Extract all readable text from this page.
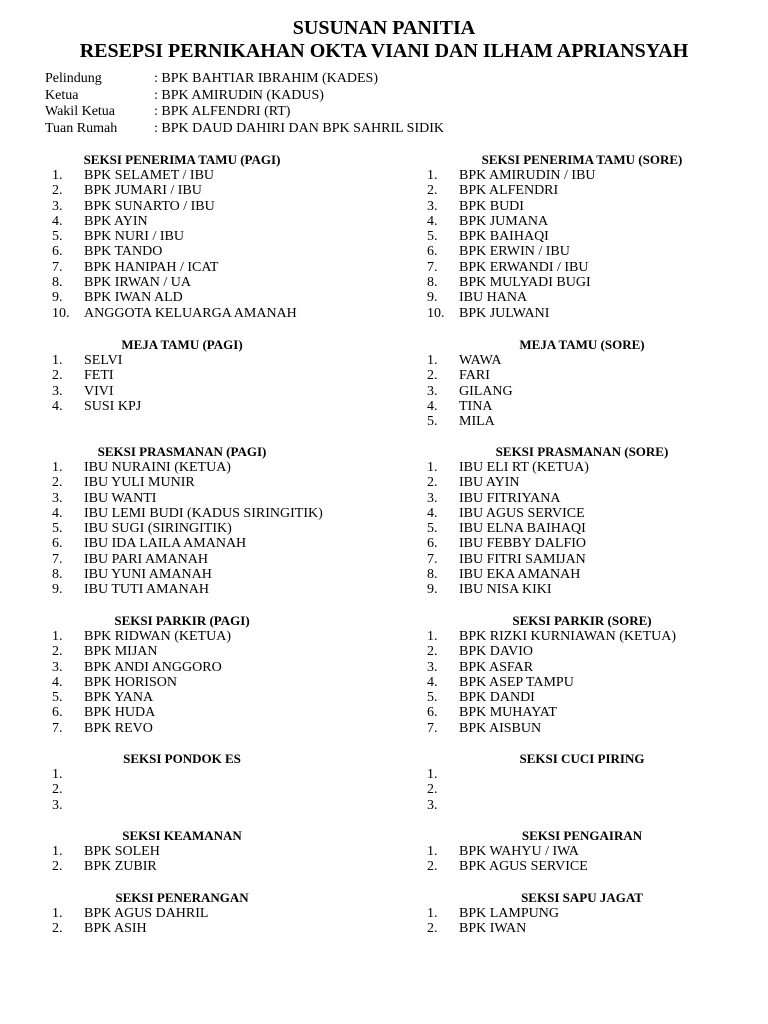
SUSUNAN PANITIA
RESEPSI PERNIKAHAN OKTA VIANI DAN ILHAM APRIANSYAH
Pelindung	: BPK BAHTIAR IBRAHIM (KADES)
Ketua	: BPK AMIRUDIN (KADUS)
Wakil Ketua	: BPK ALFENDRI (RT)
Tuan Rumah	: BPK DAUD DAHIRI DAN BPK SAHRIL SIDIK
SEKSI PENERIMA TAMU (PAGI)
1. BPK SELAMET / IBU
2. BPK JUMARI / IBU
3. BPK SUNARTO / IBU
4. BPK AYIN
5. BPK NURI / IBU
6. BPK TANDO
7. BPK HANIPAH / ICAT
8. BPK IRWAN / UA
9. BPK IWAN ALD
10. ANGGOTA KELUARGA AMANAH
SEKSI PENERIMA TAMU (SORE)
1. BPK AMIRUDIN / IBU
2. BPK ALFENDRI
3. BPK BUDI
4. BPK JUMANA
5. BPK BAIHAQI
6. BPK ERWIN / IBU
7. BPK ERWANDI / IBU
8. BPK MULYADI BUGI
9. IBU HANA
10. BPK JULWANI
MEJA TAMU (PAGI)
1. SELVI
2. FETI
3. VIVI
4. SUSI KPJ
MEJA TAMU (SORE)
1. WAWA
2. FARI
3. GILANG
4. TINA
5. MILA
SEKSI PRASMANAN (PAGI)
1. IBU NURAINI (KETUA)
2. IBU YULI MUNIR
3. IBU WANTI
4. IBU LEMI BUDI (KADUS SIRINGITIK)
5. IBU SUGI (SIRINGITIK)
6. IBU IDA LAILA AMANAH
7. IBU PARI AMANAH
8. IBU YUNI AMANAH
9. IBU TUTI AMANAH
SEKSI PRASMANAN (SORE)
1. IBU ELI RT (KETUA)
2. IBU AYIN
3. IBU FITRIYANA
4. IBU AGUS SERVICE
5. IBU ELNA BAIHAQI
6. IBU FEBBY DALFIO
7. IBU FITRI SAMIJAN
8. IBU EKA AMANAH
9. IBU NISA KIKI
SEKSI PARKIR (PAGI)
1. BPK RIDWAN (KETUA)
2. BPK MIJAN
3. BPK ANDI ANGGORO
4. BPK HORISON
5. BPK YANA
6. BPK HUDA
7. BPK REVO
SEKSI PARKIR (SORE)
1. BPK RIZKI KURNIAWAN (KETUA)
2. BPK DAVIO
3. BPK ASFAR
4. BPK ASEP TAMPU
5. BPK DANDI
6. BPK MUHAYAT
7. BPK AISBUN
SEKSI PONDOK ES
1.
2.
3.
SEKSI CUCI PIRING
1.
2.
3.
SEKSI KEAMANAN
1. BPK SOLEH
2. BPK ZUBIR
SEKSI PENGAIRAN
1. BPK WAHYU / IWA
2. BPK AGUS SERVICE
SEKSI PENERANGAN
1. BPK AGUS DAHRIL
2. BPK ASIH
SEKSI SAPU JAGAT
1. BPK LAMPUNG
2. BPK IWAN
